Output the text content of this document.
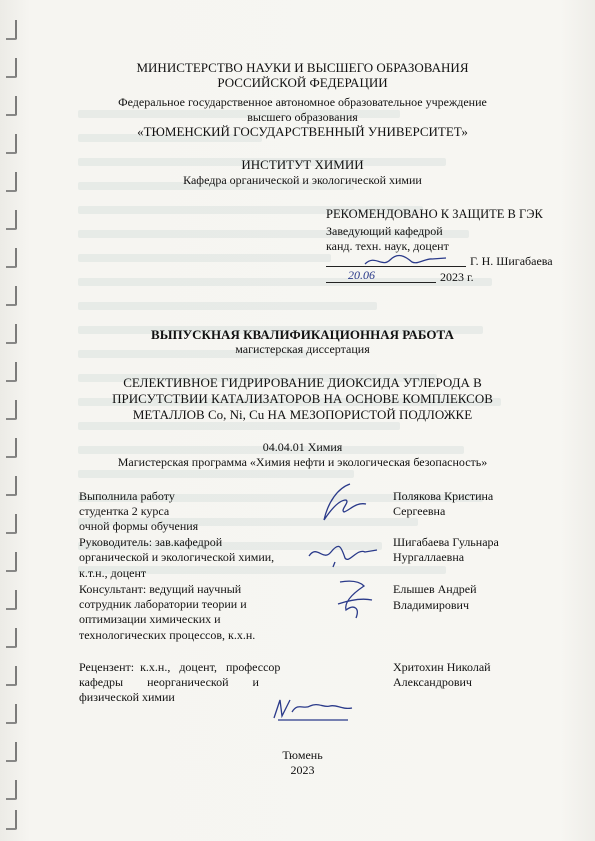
МИНИСТЕРСТВО НАУКИ И ВЫСШЕГО ОБРАЗОВАНИЯ
РОССИЙСКОЙ ФЕДЕРАЦИИ
Федеральное государственное автономное образовательное учреждение
высшего образования
«ТЮМЕНСКИЙ ГОСУДАРСТВЕННЫЙ УНИВЕРСИТЕТ»
ИНСТИТУТ ХИМИИ
Кафедра органической и экологической химии
РЕКОМЕНДОВАНО К ЗАЩИТЕ В ГЭК
Заведующий кафедрой
канд. техн. наук, доцент
Г. Н. Шигабаева
20.06	2023 г.
ВЫПУСКНАЯ КВАЛИФИКАЦИОННАЯ РАБОТА
магистерская диссертация
СЕЛЕКТИВНОЕ ГИДРИРОВАНИЕ ДИОКСИДА УГЛЕРОДА В
ПРИСУТСТВИИ КАТАЛИЗАТОРОВ НА ОСНОВЕ КОМПЛЕКСОВ
МЕТАЛЛОВ Co, Ni, Cu НА МЕЗОПОРИСТОЙ ПОДЛОЖКЕ
04.04.01 Химия
Магистерская программа «Химия нефти и экологическая безопасность»
Выполнила работу
студентка 2 курса
очной формы обучения
Полякова Кристина
Сергеевна
Руководитель: зав.кафедрой
органической и экологической химии,
к.т.н., доцент
Шигабаева Гульнара
Нургаллаевна
Консультант: ведущий научный
сотрудник лаборатории теории и
оптимизации химических и
технологических процессов, к.х.н.
Елышев Андрей
Владимирович
Рецензент:  к.х.н.,   доцент,   профессор
кафедры        неорганической        и
физической химии
Хритохин Николай
Александрович
Тюмень
2023
